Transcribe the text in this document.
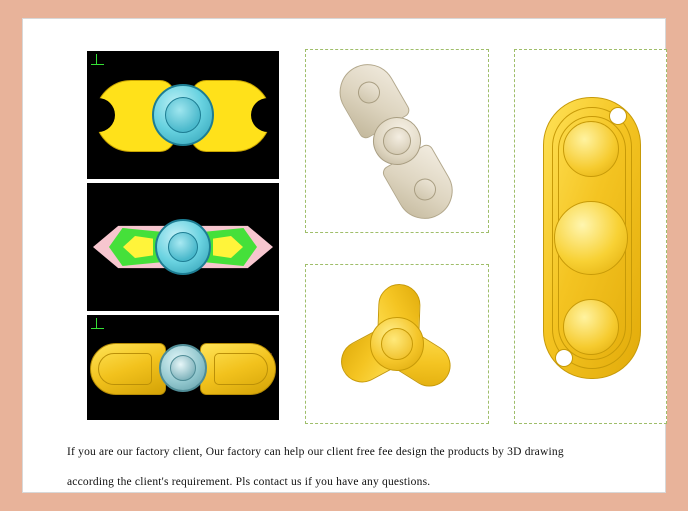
If you are our factory client, Our factory can help our client free fee design the products by 3D drawing
according the client's requirement. Pls contact us if you have any questions.
